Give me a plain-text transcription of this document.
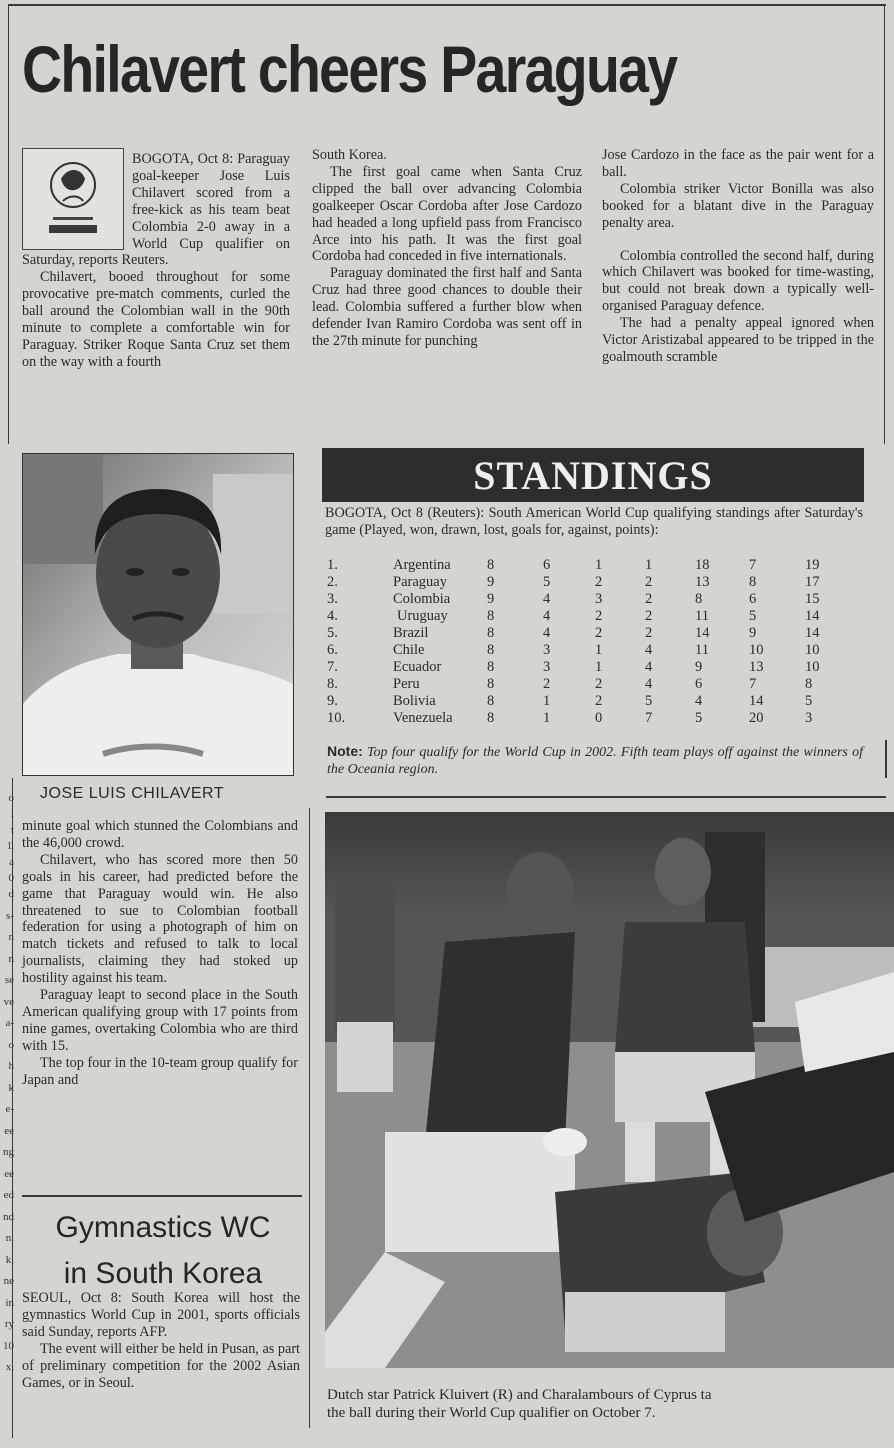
Chilavert cheers Paraguay

BOGOTA, Oct 8: Paraguay goal-keeper Jose Luis Chilavert scored from a free-kick as his team beat Colombia 2-0 away in a World Cup qualifier on Saturday, reports Reuters.

Chilavert, booed throughout for some provocative pre-match comments, curled the ball around the Colombian wall in the 90th minute to complete a comfortable win for Paraguay. Striker Roque Santa Cruz set them on the way with a fourth

South Korea.

The first goal came when Santa Cruz clipped the ball over advancing Colombia goalkeeper Oscar Cordoba after Jose Cardozo had headed a long upfield pass from Francisco Arce into his path. It was the first goal Cordoba had conceded in five internationals.

Paraguay dominated the first half and Santa Cruz had three good chances to double their lead. Colombia suffered a further blow when defender Ivan Ramiro Cordoba was sent off in the 27th minute for punching

Jose Cardozo in the face as the pair went for a ball.

Colombia striker Victor Bonilla was also booked for a blatant dive in the Paraguay penalty area.

Colombia controlled the second half, during which Chilavert was booked for time-wasting, but could not break down a typically well-organised Paraguay defence.

The had a penalty appeal ignored when Victor Aristizabal appeared to be tripped in the goalmouth scramble

JOSE LUIS CHILAVERT

minute goal which stunned the Colombians and the 46,000 crowd.

Chilavert, who has scored more then 50 goals in his career, had predicted before the game that Paraguay would win. He also threatened to sue to Colombian football federation for using a photograph of him on match tickets and refused to talk to local journalists, claiming they had stoked up hostility against his team.

Paraguay leapt to second place in the South American qualifying group with 17 points from nine games, overtaking Colombia who are third with 15.

The top four in the 10-team group qualify for Japan and

Gymnastics WC
in South Korea

SEOUL, Oct 8: South Korea will host the gymnastics World Cup in 2001, sports officials said Sunday, reports AFP.

The event will either be held in Pusan, as part of preliminary competition for the 2002 Asian Games, or in Seoul.

STANDINGS
BOGOTA, Oct 8 (Reuters): South American World Cup qualifying standings after Saturday's game (Played, won, drawn, lost, goals for, against, points):
1.	Argentina	8	6	1	1	18	7	19
2.	Paraguay	9	5	2	2	13	8	17
3.	Colombia	9	4	3	2	8	6	15
4.	Uruguay	8	4	2	2	11	5	14
5.	Brazil	8	4	2	2	14	9	14
6.	Chile	8	3	1	4	11	10	10
7.	Ecuador	8	3	1	4	9	13	10
8.	Peru	8	2	2	4	6	7	8
9.	Bolivia	8	1	2	5	4	14	5
10.	Venezuela	8	1	0	7	5	20	3
Note: Top four qualify for the World Cup in 2002. Fifth team plays off against the winners of the Oceania region.
Dutch star Patrick Kluivert (R) and Charalambours of Cyprus ta
the ball during their World Cup qualifier on October 7.
o
l
t
ll
a
0
d
s-
n
n
se
ve
a-
o
h
k
e-
ee
ng
ee
ed
nd
n.
k,
ne
in
ry
10
x,
